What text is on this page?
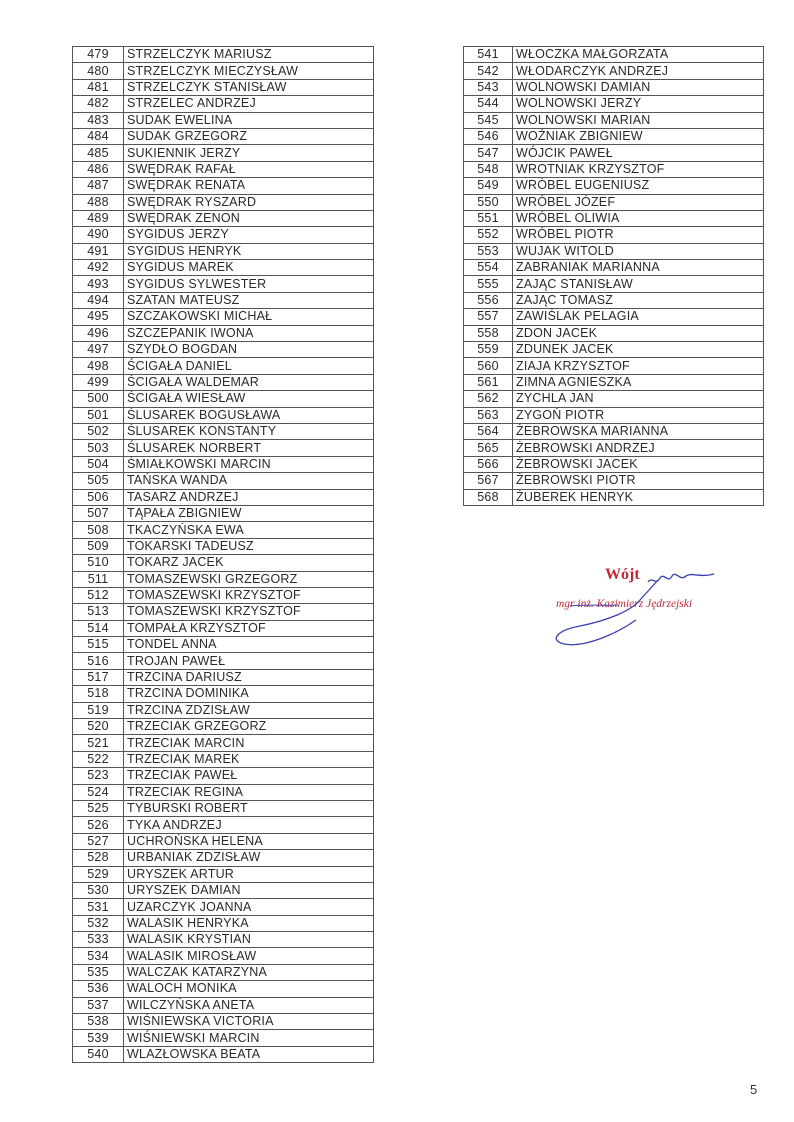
479	STRZELCZYK MARIUSZ
480	STRZELCZYK MIECZYSŁAW
481	STRZELCZYK STANISŁAW
482	STRZELEC ANDRZEJ
483	SUDAK EWELINA
484	SUDAK GRZEGORZ
485	SUKIENNIK JERZY
486	SWĘDRAK RAFAŁ
487	SWĘDRAK RENATA
488	SWĘDRAK RYSZARD
489	SWĘDRAK ZENON
490	SYGIDUS JERZY
491	SYGIDUS HENRYK
492	SYGIDUS MAREK
493	SYGIDUS SYLWESTER
494	SZATAN MATEUSZ
495	SZCZAKOWSKI MICHAŁ
496	SZCZEPANIK IWONA
497	SZYDŁO BOGDAN
498	ŚCIGAŁA DANIEL
499	ŚCIGAŁA WALDEMAR
500	ŚCIGAŁA WIESŁAW
501	ŚLUSAREK BOGUSŁAWA
502	ŚLUSAREK KONSTANTY
503	ŚLUSAREK NORBERT
504	ŚMIAŁKOWSKI MARCIN
505	TAŃSKA WANDA
506	TASARZ ANDRZEJ
507	TĄPAŁA ZBIGNIEW
508	TKACZYŃSKA EWA
509	TOKARSKI TADEUSZ
510	TOKARZ JACEK
511	TOMASZEWSKI GRZEGORZ
512	TOMASZEWSKI KRZYSZTOF
513	TOMASZEWSKI KRZYSZTOF
514	TOMPAŁA KRZYSZTOF
515	TONDEL ANNA
516	TROJAN PAWEŁ
517	TRZCINA DARIUSZ
518	TRZCINA DOMINIKA
519	TRZCINA ZDZISŁAW
520	TRZECIAK GRZEGORZ
521	TRZECIAK MARCIN
522	TRZECIAK MAREK
523	TRZECIAK PAWEŁ
524	TRZECIAK REGINA
525	TYBURSKI ROBERT
526	TYKA ANDRZEJ
527	UCHROŃSKA HELENA
528	URBANIAK ZDZISŁAW
529	URYSZEK ARTUR
530	URYSZEK DAMIAN
531	UZARCZYK JOANNA
532	WALASIK HENRYKA
533	WALASIK KRYSTIAN
534	WALASIK MIROSŁAW
535	WALCZAK KATARZYNA
536	WALOCH MONIKA
537	WILCZYŃSKA ANETA
538	WIŚNIEWSKA VICTORIA
539	WIŚNIEWSKI MARCIN
540	WLAZŁOWSKA BEATA
541	WŁOCZKA MAŁGORZATA
542	WŁODARCZYK ANDRZEJ
543	WOLNOWSKI DAMIAN
544	WOLNOWSKI JERZY
545	WOLNOWSKI MARIAN
546	WOŹNIAK ZBIGNIEW
547	WÓJCIK PAWEŁ
548	WROTNIAK KRZYSZTOF
549	WRÓBEL EUGENIUSZ
550	WRÓBEL JÓZEF
551	WRÓBEL OLIWIA
552	WRÓBEL PIOTR
553	WUJAK WITOLD
554	ZABRANIAK MARIANNA
555	ZAJĄC STANISŁAW
556	ZAJĄC TOMASZ
557	ZAWIŚLAK PELAGIA
558	ZDON JACEK
559	ZDUNEK JACEK
560	ZIAJA KRZYSZTOF
561	ZIMNA AGNIESZKA
562	ZYCHLA JAN
563	ZYGOŃ PIOTR
564	ŻEBROWSKA MARIANNA
565	ŻEBROWSKI ANDRZEJ
566	ŻEBROWSKI JACEK
567	ŻEBROWSKI PIOTR
568	ŻUBEREK HENRYK
Wójt
mgr inż. Kazimierz Jędrzejski
5
